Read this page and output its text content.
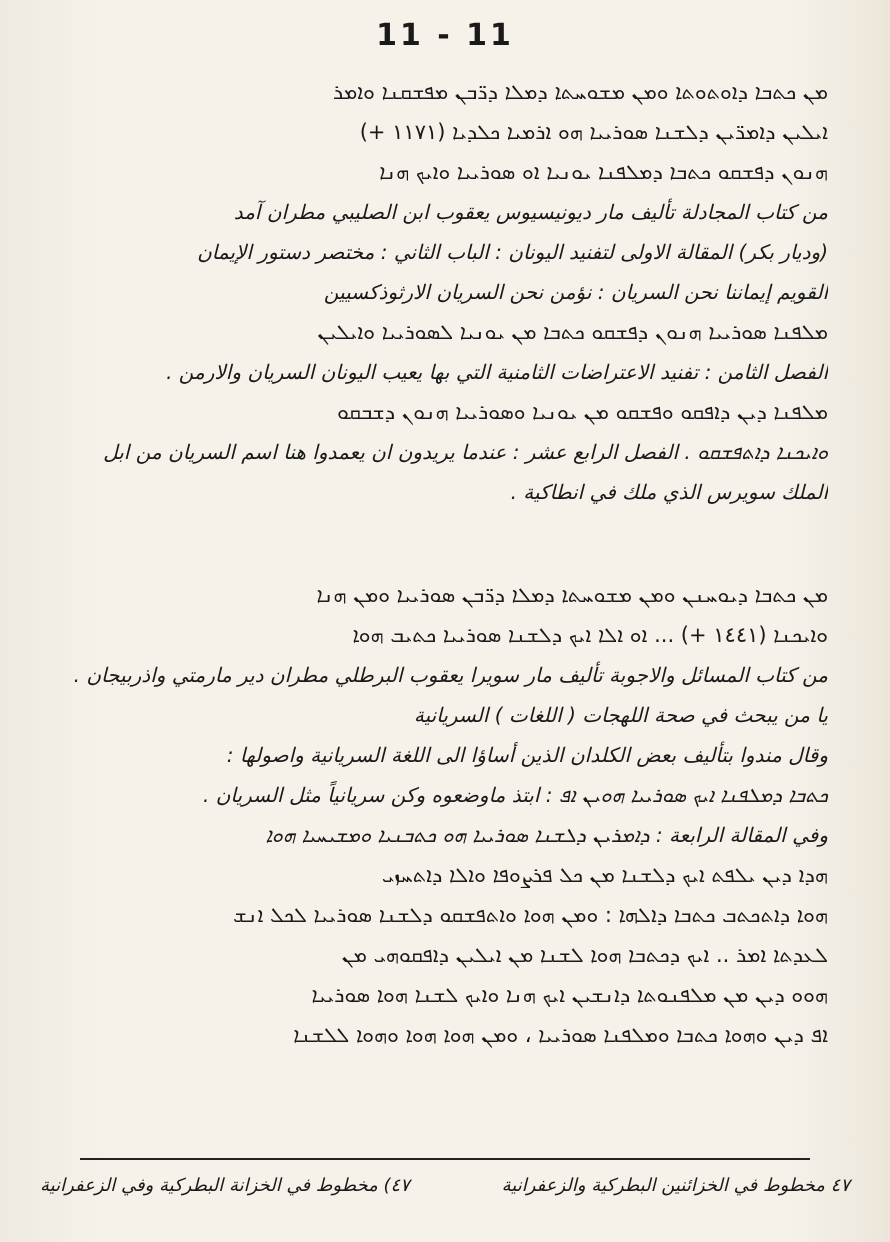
11 - 11
ܡܢ ܟܬܒܐ ܕܐܘܬܘܬܐ ܘܡܢ ܡܫܘܚܬܐ ܕܡܠܐ ܕܪ̈ܒܢ ܡܦܫܩܢܐ ܘܐܡܪ
ܐܝܠܝܢ ܕܐܡܪ̈ܝܢ ܕܠܫܢܐ ܣܘܪܝܝܐ ܗܘ ܐܪܡܝܐ ܟܠܕܝܐ (١١٧١ +)
ܗܢܘܢ ܕܦܫܩܘ ܟܬܒܐ ܕܡܠܦܢܐ ܝܘܢܝܐ ܐܘ ܣܘܪܝܝܐ ܘܐܝܟ ܗܢܐ
من كتاب المجادلة تأليف مار ديونيسيوس يعقوب ابن الصليبي مطران آمد
(وديار بكر) المقالة الاولى لتفنيد اليونان : الباب الثاني : مختصر دستور الإيمان
القويم إيماننا نحن السريان : نؤمن نحن السريان الارثوذكسيين
ܡܠܦܢܐ ܣܘܪܝܝܐ ܗܢܘܢ ܕܦܫܩܘ ܟܬܒܐ ܡܢ ܝܘܢܝܐ ܠܣܘܪܝܝܐ ܘܐܝܠܝܢ
الفصل الثامن : تفنيد الاعتراضات الثامنية التي بها يعيب اليونان السريان والارمن .
ܡܠܦܢܐ ܕܝܢ ܕܐܦܩܘ ܘܦܫܩܘ ܡܢ ܝܘܢܝܐ ܘܣܘܪܝܝܐ ܗܢܘܢ ܕܫܒܩܘ
ܘܐܝܟܢܐ ܕܐܬܦܫܩܘ . الفصل الرابع عشر : عندما يريدون ان يعمدوا هنا اسم السريان من ابل
الملك سويرس الذي ملك في انطاكية .
ܡܢ ܟܬܒܐ ܕܝܘܚܢܢ ܘܡܢ ܡܫܘܚܬܐ ܕܡܠܐ ܕܪ̈ܒܢ ܣܘܪܝܝܐ ܘܡܢ ܗܢܐ
ܘܐܝܟܢܐ (١٤٤١ +) ... ܐܘ ܐܠܐ ܐܝܟ ܕܠܫܢܐ ܣܘܪܝܝܐ ܟܬܝܒ ܗܘܐ
من كتاب المسائل والاجوبة تأليف مار سويرا يعقوب البرطلي مطران دير مارمتي واذربيجان .
يا من يبحث في صحة اللهجات ( اللغات ) السريانية
وقال مندوا بتأليف بعض الكلدان الذين أساؤا الى اللغة السريانية واصولها :
ܟܬܒܐ ܕܡܠܦܢܐ ܐܝܟ ܣܘܪܝܝܐ ܗܘܝܢ ܐܦ : ابتذ ماوضعوه وكن سريانياً مثل السريان .
وفي المقالة الرابعة : ܕܐܡܪܝܢ ܕܠܫܢܐ ܣܘܪܝܝܐ ܗܘ ܟܬܒܢܝܐ ܘܡܫܝܚܝܐ ܗܘܐ
ܗܕܐ ܕܝܢ ܝܠܦܬ ܐܝܟ ܕܠܫܢܐ ܡܢ ܟܠ ܦܪܨܘܦܐ ܘܐܠܐ ܕܐܬܚܙܝ
ܗܘܐ ܕܐܬܟܬܒ ܟܬܒܐ ܕܐܠܗܐ : ܘܡܢ ܗܘܐ ܘܐܬܦܫܩܘ ܕܠܫܢܐ ܣܘܪܝܝܐ ܠܟܠ ܐܢܫ
ܠܥܕܬܐ ܐܡܪ .. ܐܝܟ ܕܟܬܒܐ ܗܘܐ ܠܫܢܐ ܡܢ ܐܝܠܝܢ ܕܐܦܩܘܗܝ ܡܢ
ܗܘܘ ܕܝܢ ܡܢ ܡܠܦܢܘܬܐ ܕܐܢܫܝܢ ܐܝܟ ܗܢܐ ܘܐܝܟ ܠܫܢܐ ܗܘܐ ܣܘܪܝܝܐ
ܐܦ ܕܝܢ ܘܗܘܐ ܟܬܒܐ ܘܡܠܦܢܐ ܣܘܪܝܝܐ ، ܘܡܢ ܗܘܐ ܗܘܐ ܘܗܘܐ ܠܠܫܢܐ
٤٧ مخطوط في الخزائنين البطركية والزعفرانية
٤٧) مخطوط في الخزانة البطركية وفي الزعفرانية
